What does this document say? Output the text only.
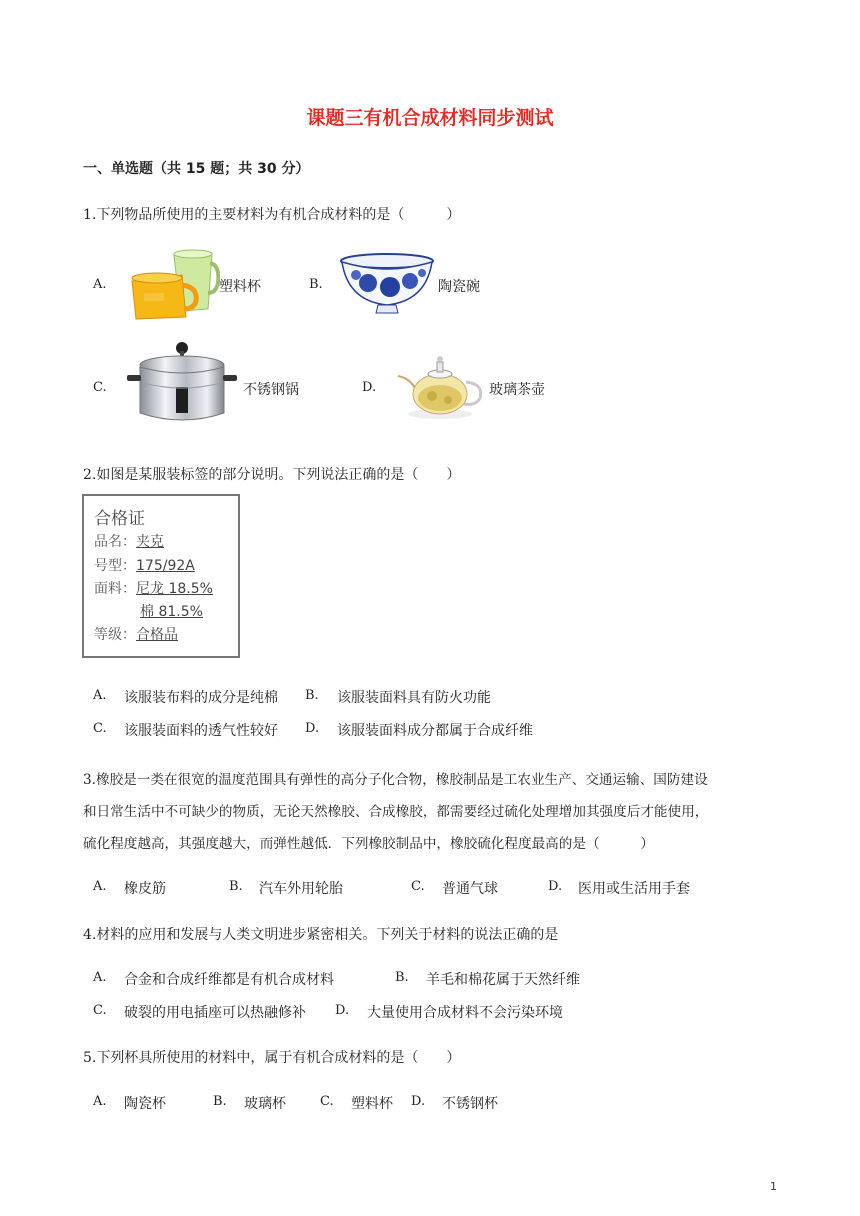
课题三有机合成材料同步测试
一、单选题（共 15 题；共 30 分）
1.下列物品所使用的主要材料为有机合成材料的是（　　　）
A.	塑料杯	B.	陶瓷碗
C.	不锈钢锅	D.	玻璃茶壶
2.如图是某服装标签的部分说明。下列说法正确的是（　　）
合格证
品名：夹克
号型：175/92A
面料：尼龙 18.5%
棉 81.5%
等级：合格品
A. 该服装布料的成分是纯棉 B. 该服装面料具有防火功能
C. 该服装面料的透气性较好 D. 该服装面料成分都属于合成纤维
3.橡胶是一类在很宽的温度范围具有弹性的高分子化合物，橡胶制品是工农业生产、交通运输、国防建设
和日常生活中不可缺少的物质，无论天然橡胶、合成橡胶，都需要经过硫化处理增加其强度后才能使用，
硫化程度越高，其强度越大，而弹性越低．下列橡胶制品中，橡胶硫化程度最高的是（　　　）
A. 橡皮筋	B. 汽车外用轮胎	C. 普通气球	D. 医用或生活用手套
4.材料的应用和发展与人类文明进步紧密相关。下列关于材料的说法正确的是
A. 合金和合成纤维都是有机合成材料	B. 羊毛和棉花属于天然纤维
C. 破裂的用电插座可以热融修补 D. 大量使用合成材料不会污染环境
5.下列杯具所使用的材料中，属于有机合成材料的是（　　）
A. 陶瓷杯	B. 玻璃杯	C. 塑料杯 D. 不锈钢杯
1
